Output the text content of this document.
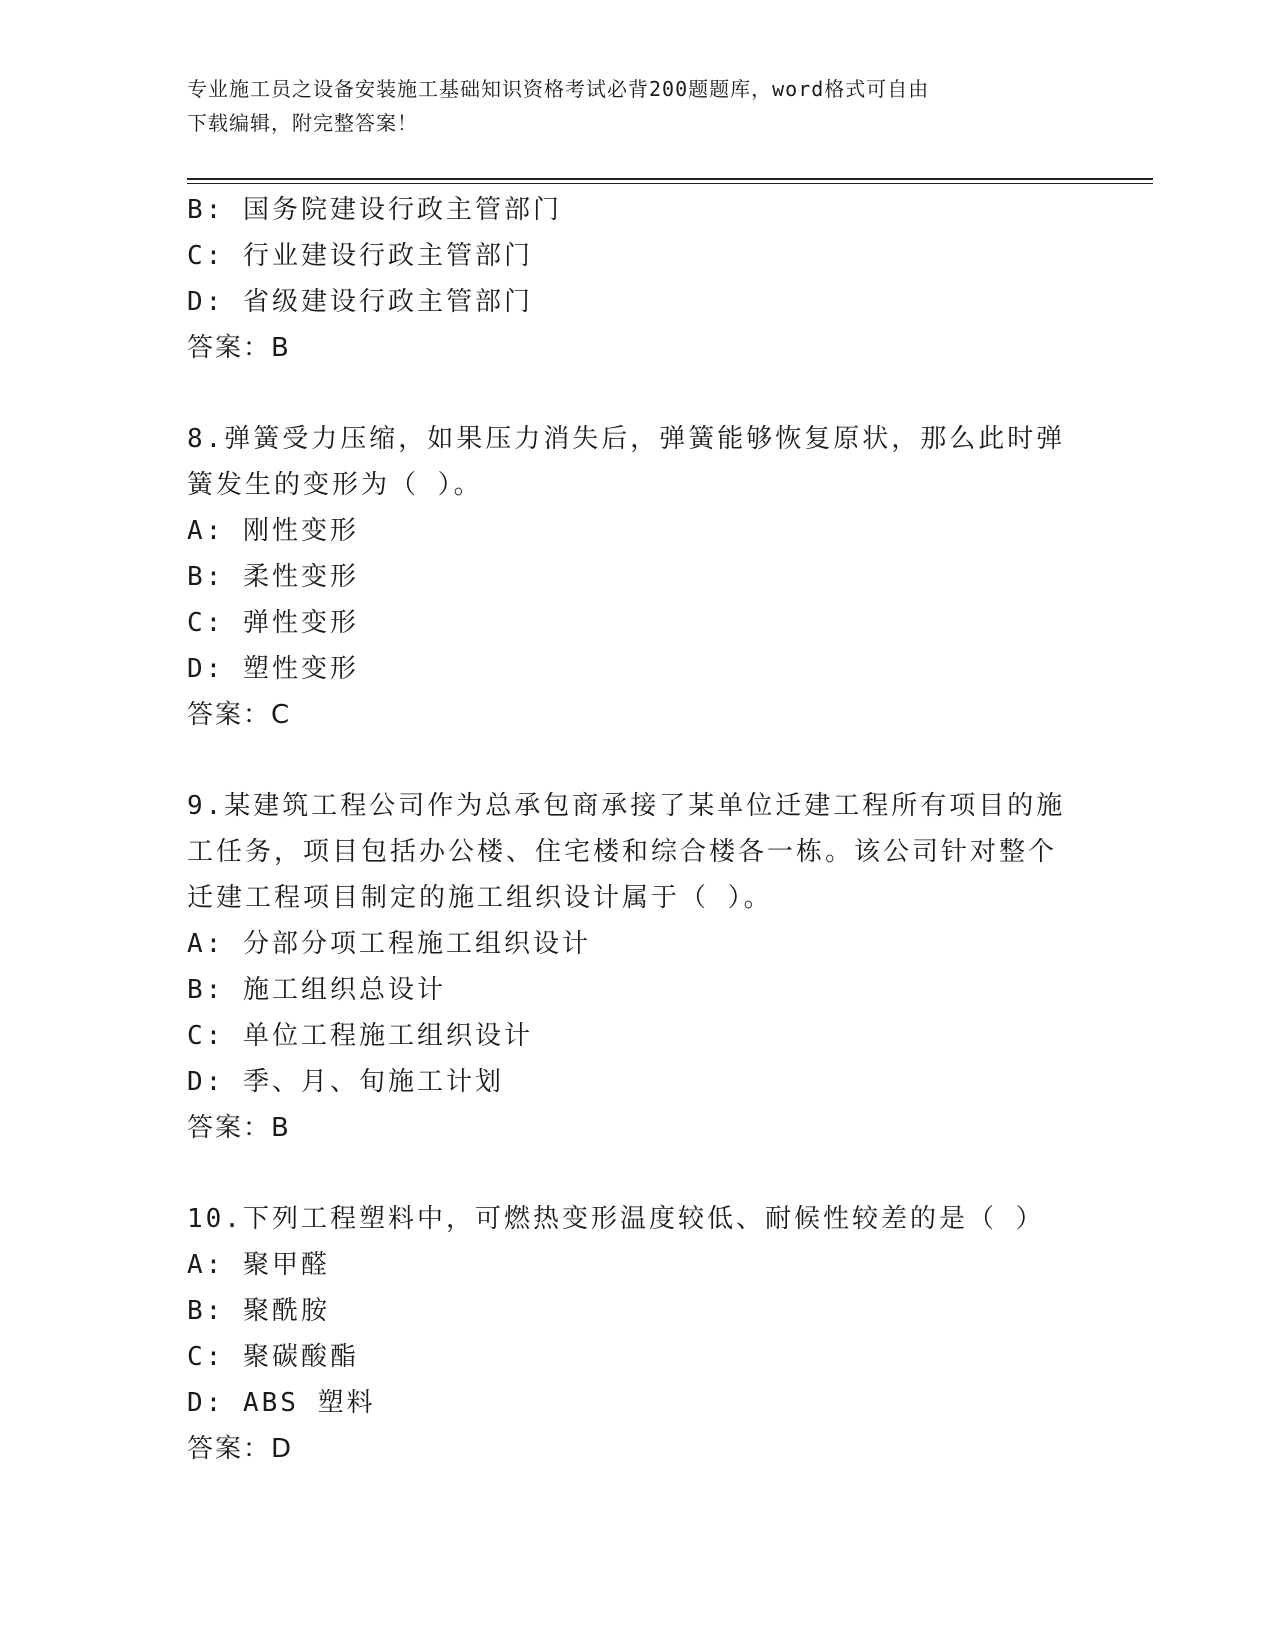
专业施工员之设备安装施工基础知识资格考试必背200题题库，word格式可自由
下载编辑，附完整答案！
B: 国务院建设行政主管部门
C: 行业建设行政主管部门
D: 省级建设行政主管部门
答案：B
8.弹簧受力压缩，如果压力消失后，弹簧能够恢复原状，那么此时弹
簧发生的变形为（ ）。
A: 刚性变形
B: 柔性变形
C: 弹性变形
D: 塑性变形
答案：C
9.某建筑工程公司作为总承包商承接了某单位迁建工程所有项目的施
工任务，项目包括办公楼、住宅楼和综合楼各一栋。该公司针对整个
迁建工程项目制定的施工组织设计属于（ ）。
A: 分部分项工程施工组织设计
B: 施工组织总设计
C: 单位工程施工组织设计
D: 季、月、旬施工计划
答案：B
10.下列工程塑料中，可燃热变形温度较低、耐候性较差的是（ ）
A: 聚甲醛
B: 聚酰胺
C: 聚碳酸酯
D: ABS 塑料
答案：D
